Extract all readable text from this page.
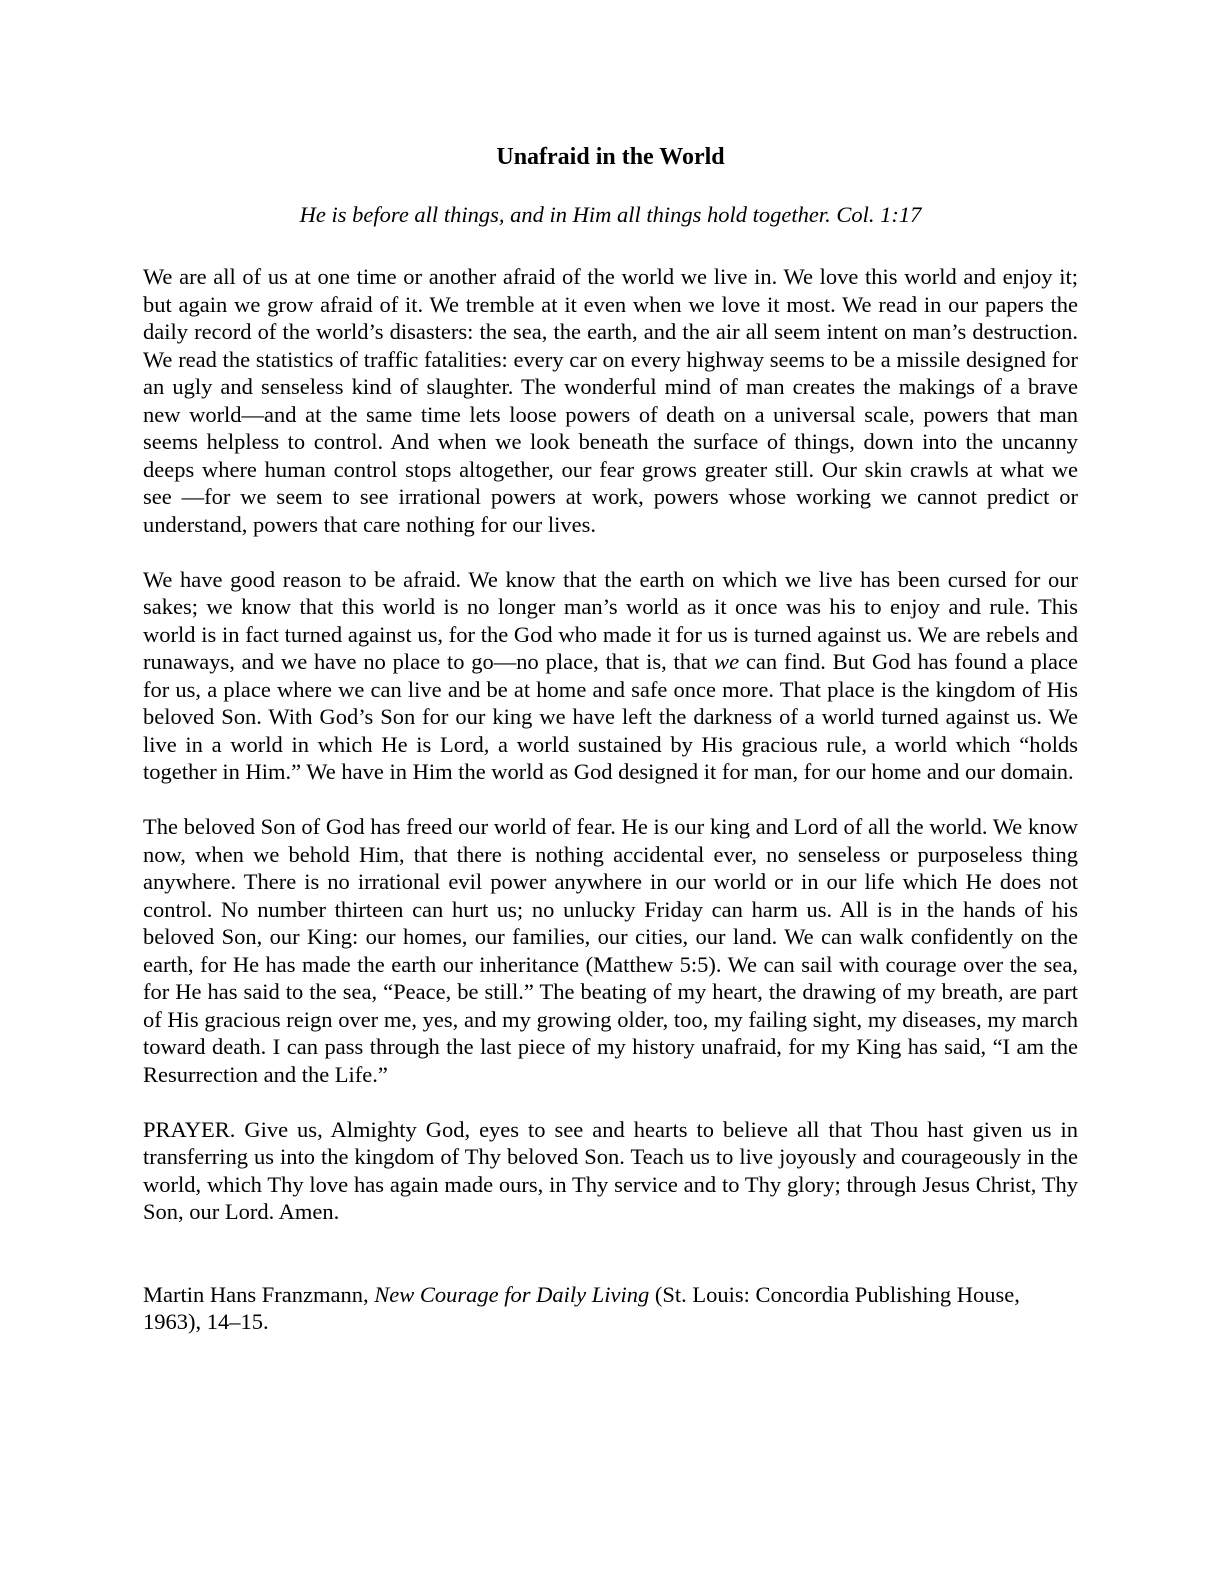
Unafraid in the World
He is before all things, and in Him all things hold together. Col. 1:17

We are all of us at one time or another afraid of the world we live in. We love this world and enjoy it; but again we grow afraid of it. We tremble at it even when we love it most. We read in our papers the daily record of the world’s disasters: the sea, the earth, and the air all seem intent on man’s destruction. We read the statistics of traffic fatalities: every car on every highway seems to be a missile designed for an ugly and senseless kind of slaughter. The wonderful mind of man creates the makings of a brave new world—and at the same time lets loose powers of death on a universal scale, powers that man seems helpless to control. And when we look beneath the surface of things, down into the uncanny deeps where human control stops altogether, our fear grows greater still. Our skin crawls at what we see —for we seem to see irrational powers at work, powers whose working we cannot predict or understand, powers that care nothing for our lives.

We have good reason to be afraid. We know that the earth on which we live has been cursed for our sakes; we know that this world is no longer man’s world as it once was his to enjoy and rule. This world is in fact turned against us, for the God who made it for us is turned against us. We are rebels and runaways, and we have no place to go—no place, that is, that we can find. But God has found a place for us, a place where we can live and be at home and safe once more. That place is the kingdom of His beloved Son. With God’s Son for our king we have left the darkness of a world turned against us. We live in a world in which He is Lord, a world sustained by His gracious rule, a world which “holds together in Him.” We have in Him the world as God designed it for man, for our home and our domain.

The beloved Son of God has freed our world of fear. He is our king and Lord of all the world. We know now, when we behold Him, that there is nothing accidental ever, no senseless or purposeless thing anywhere. There is no irrational evil power anywhere in our world or in our life which He does not control. No number thirteen can hurt us; no unlucky Friday can harm us. All is in the hands of his beloved Son, our King: our homes, our families, our cities, our land. We can walk confidently on the earth, for He has made the earth our inheritance (Matthew 5:5). We can sail with courage over the sea, for He has said to the sea, “Peace, be still.” The beating of my heart, the drawing of my breath, are part of His gracious reign over me, yes, and my growing older, too, my failing sight, my diseases, my march toward death. I can pass through the last piece of my history unafraid, for my King has said, “I am the Resurrection and the Life.”

PRAYER. Give us, Almighty God, eyes to see and hearts to believe all that Thou hast given us in transferring us into the kingdom of Thy beloved Son. Teach us to live joyously and courageously in the world, which Thy love has again made ours, in Thy service and to Thy glory; through Jesus Christ, Thy Son, our Lord. Amen.

Martin Hans Franzmann, New Courage for Daily Living (St. Louis: Concordia Publishing House, 1963), 14–15.
